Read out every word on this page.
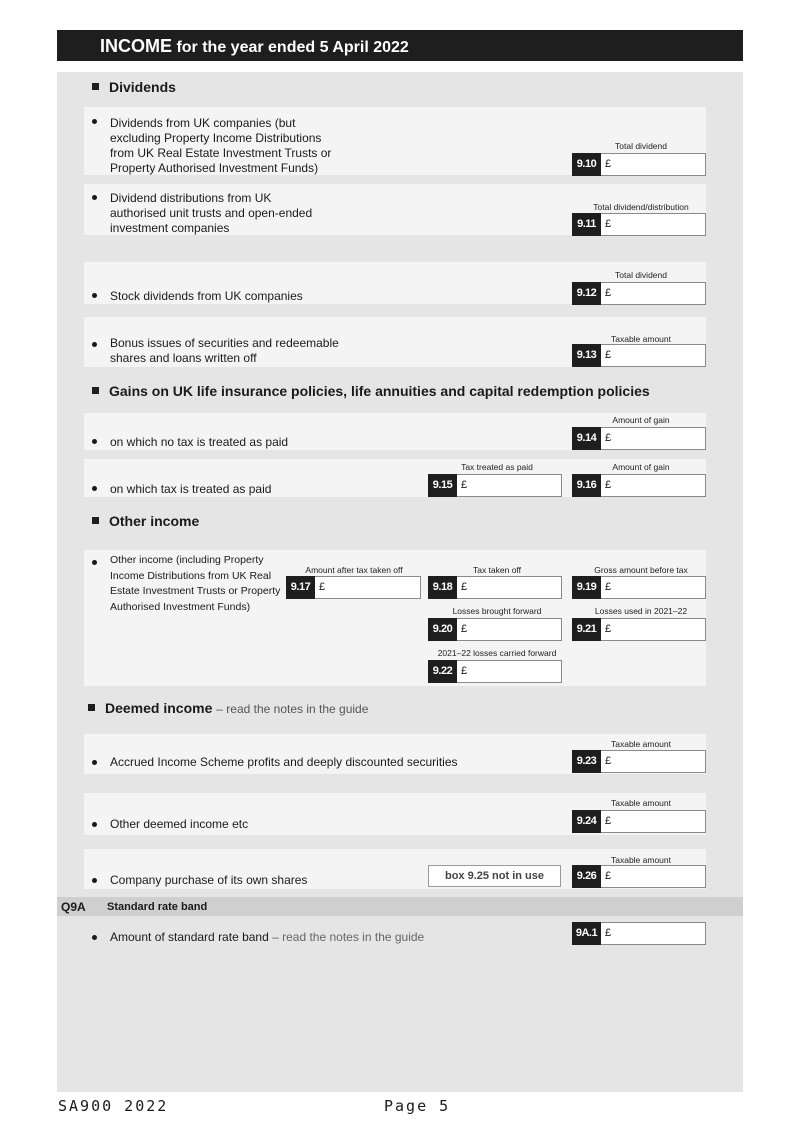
INCOME for the year ended 5 April 2022
Dividends
Dividends from UK companies (but
excluding Property Income Distributions
from UK Real Estate Investment Trusts or
Property Authorised Investment Funds)
Total dividend
9.10 £
Dividend distributions from UK
authorised unit trusts and open-ended
investment companies
Total dividend/distribution
9.11 £
Stock dividends from UK companies
Total dividend
9.12 £
Bonus issues of securities and redeemable
shares and loans written off
Taxable amount
9.13 £
Gains on UK life insurance policies, life annuities and capital redemption policies
on which no tax is treated as paid
Amount of gain
9.14 £
on which tax is treated as paid
Tax treated as paid
9.15 £
Amount of gain
9.16 £
Other income
Other income (including Property
Income Distributions from UK Real
Estate Investment Trusts or Property
Authorised Investment Funds)
Amount after tax taken off
9.17 £
Tax taken off
9.18 £
Gross amount before tax
9.19 £
Losses brought forward
9.20 £
Losses used in 2021–22
9.21 £
2021–22 losses carried forward
9.22 £
Deemed income – read the notes in the guide
Accrued Income Scheme profits and deeply discounted securities
Taxable amount
9.23 £
Other deemed income etc
Taxable amount
9.24 £
Company purchase of its own shares	box 9.25 not in use
Taxable amount
9.26 £
Q9A Standard rate band
Amount of standard rate band – read the notes in the guide	9A.1 £
SA900 2022	Page 5
